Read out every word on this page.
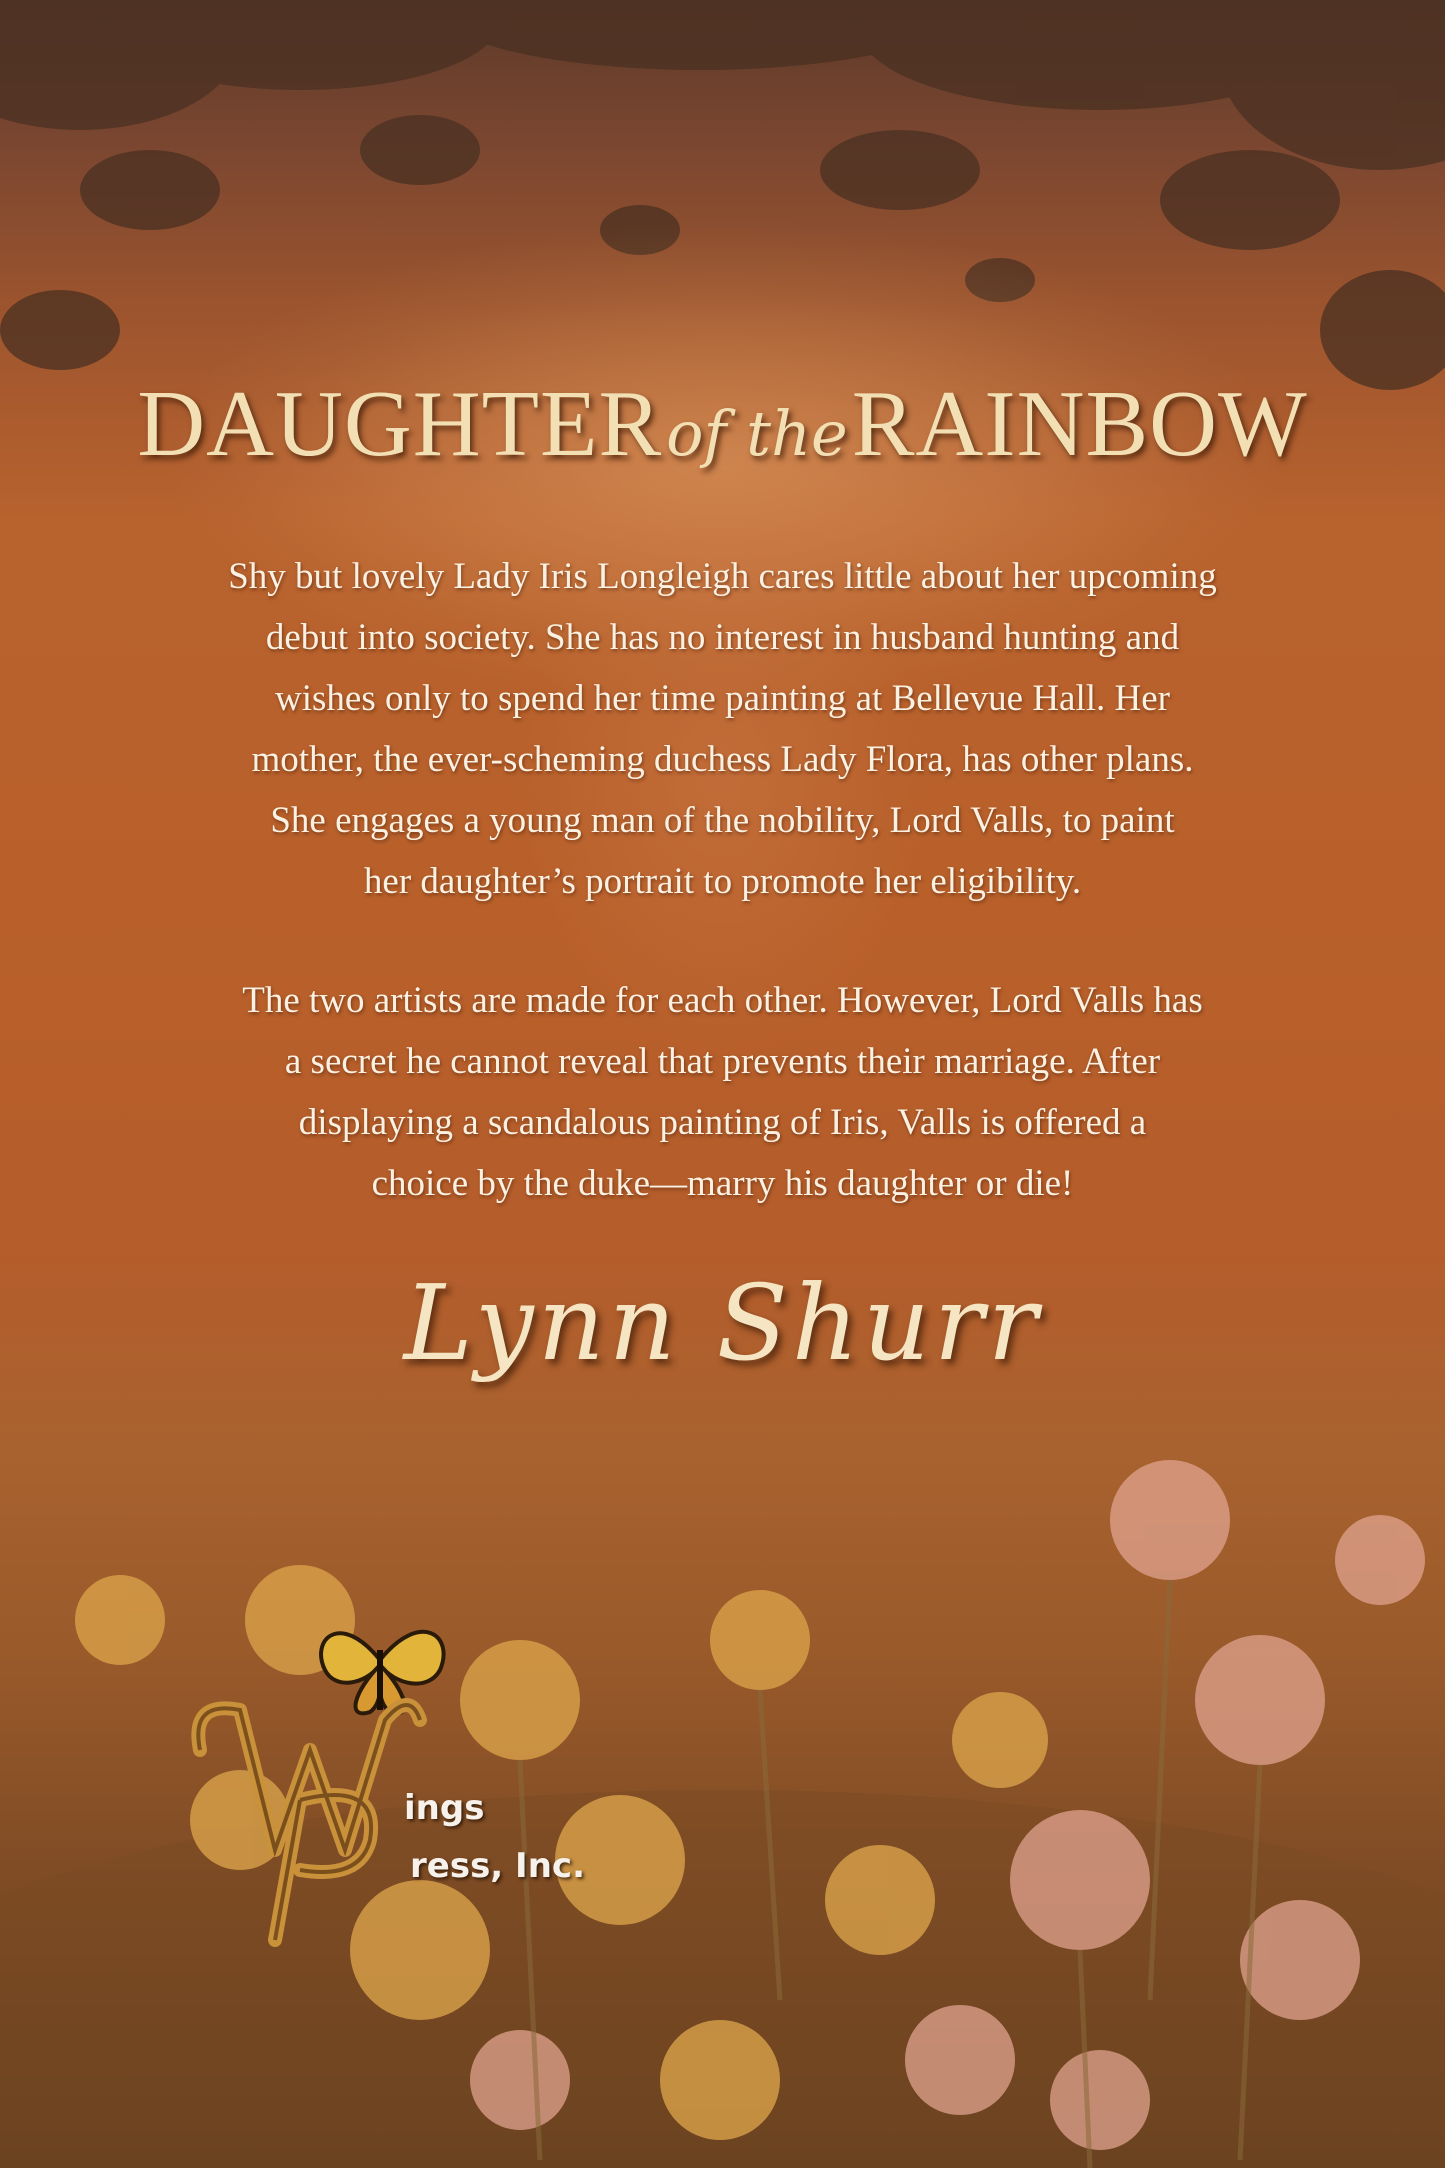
DAUGHTERof theRAINBOW

Shy but lovely Lady Iris Longleigh cares little about her upcoming
debut into society. She has no interest in husband hunting and
wishes only to spend her time painting at Bellevue Hall. Her
mother, the ever-scheming duchess Lady Flora, has other plans.
She engages a young man of the nobility, Lord Valls, to paint
her daughter’s portrait to promote her eligibility.

The two artists are made for each other. However, Lord Valls has
a secret he cannot reveal that prevents their marriage. After
displaying a scandalous painting of Iris, Valls is offered a
choice by the duke—marry his daughter or die!

Lynn Shurr
ings
ress, Inc.
